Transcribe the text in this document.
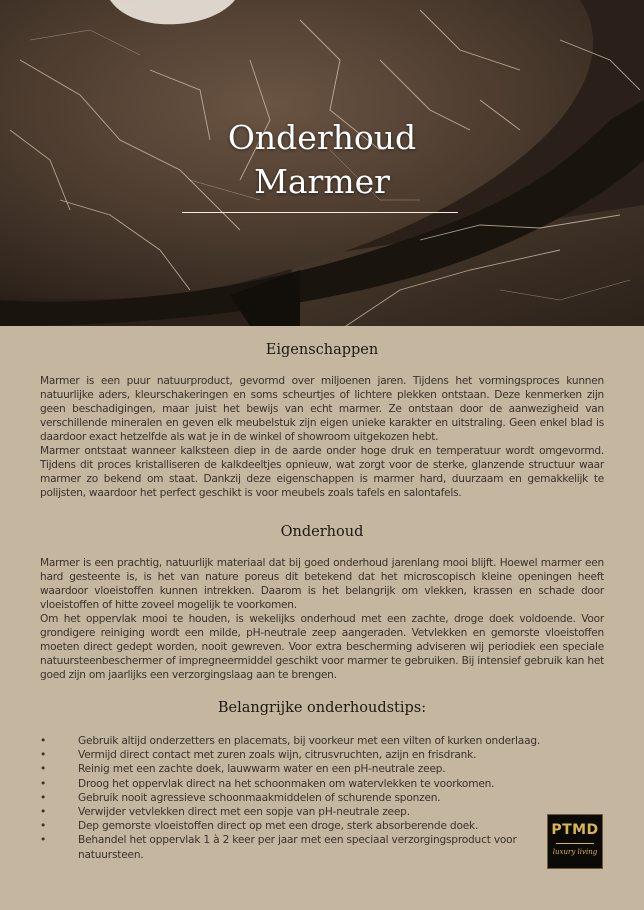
Onderhoud
Marmer
Eigenschappen

Marmer is een puur natuurproduct, gevormd over miljoenen jaren. Tijdens het vormingsproces kunnen natuurlijke aders, kleurschakeringen en soms scheurtjes of lichtere plekken ontstaan. Deze kenmerken zijn geen beschadigingen, maar juist het bewijs van echt marmer. Ze ontstaan door de aanwezigheid van verschillende mineralen en geven elk meubelstuk zijn eigen unieke karakter en uitstraling. Geen enkel blad is daardoor exact hetzelfde als wat je in de winkel of showroom uitgekozen hebt.

Marmer ontstaat wanneer kalksteen diep in de aarde onder hoge druk en temperatuur wordt omgevormd. Tijdens dit proces kristalliseren de kalkdeeltjes opnieuw, wat zorgt voor de sterke, glanzende structuur waar marmer zo bekend om staat. Dankzij deze eigenschappen is marmer hard, duurzaam en gemakkelijk te polijsten, waardoor het perfect geschikt is voor meubels zoals tafels en salontafels.

Onderhoud

Marmer is een prachtig, natuurlijk materiaal dat bij goed onderhoud jarenlang mooi blijft. Hoewel marmer een hard gesteente is, is het van nature poreus dit betekend dat het microscopisch kleine openingen heeft waardoor vloeistoffen kunnen intrekken. Daarom is het belangrijk om vlekken, krassen en schade door vloeistoffen of hitte zoveel mogelijk te voorkomen.

Om het oppervlak mooi te houden, is wekelijks onderhoud met een zachte, droge doek voldoende. Voor grondigere reiniging wordt een milde, pH-neutrale zeep aangeraden. Vetvlekken en gemorste vloeistoffen moeten direct gedept worden, nooit gewreven. Voor extra bescherming adviseren wij periodiek een speciale natuursteenbeschermer of impregneermiddel geschikt voor marmer te gebruiken. Bij intensief gebruik kan het goed zijn om jaarlijks een verzorgingslaag aan te brengen.

Belangrijke onderhoudstips:
•	Gebruik altijd onderzetters en placemats, bij voorkeur met een vilten of kurken onderlaag.
•	Vermijd direct contact met zuren zoals wijn, citrusvruchten, azijn en frisdrank.
•	Reinig met een zachte doek, lauwwarm water en een pH-neutrale zeep.
•	Droog het oppervlak direct na het schoonmaken om watervlekken te voorkomen.
•	Gebruik nooit agressieve schoonmaakmiddelen of schurende sponzen.
•	Verwijder vetvlekken direct met een sopje van pH-neutrale zeep.
•	Dep gemorste vloeistoffen direct op met een droge, sterk absorberende doek.
•	Behandel het oppervlak 1 à 2 keer per jaar met een speciaal verzorgingsproduct voor natuursteen.
PTMD
luxury living
